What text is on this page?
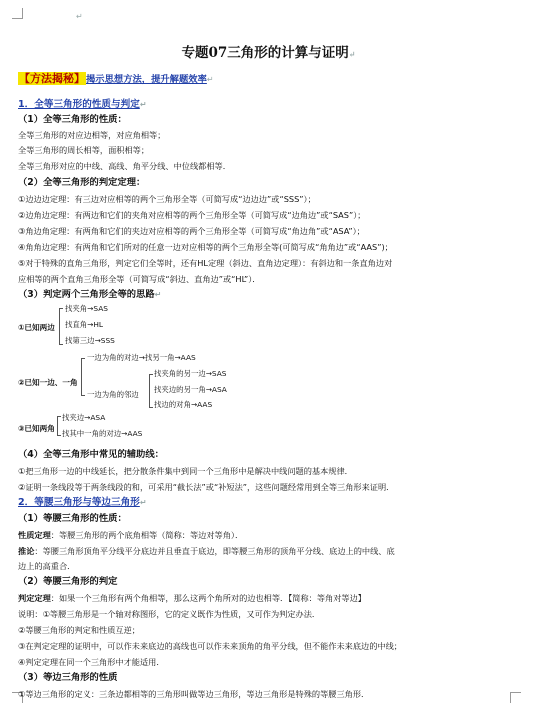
↵
专题07三角形的计算与证明↵
【方法揭秘】揭示思想方法，提升解题效率↵
1．全等三角形的性质与判定↵
（1）全等三角形的性质：
全等三角形的对应边相等，对应角相等；
全等三角形的周长相等，面积相等；
全等三角形对应的中线、高线、角平分线、中位线都相等．
（2）全等三角形的判定定理：
①边边边定理：有三边对应相等的两个三角形全等（可简写成“边边边”或“SSS”）；
②边角边定理：有两边和它们的夹角对应相等的两个三角形全等（可简写成“边角边”或“SAS”）；
③角边角定理：有两角和它们的夹边对应相等的两个三角形全等（可简写成“角边角”或“ASA”）；
④角角边定理：有两角和它们所对的任意一边对应相等的两个三角形全等(可简写成“角角边”或“AAS”)；
⑤对于特殊的直角三角形，判定它们全等时，还有HL定理（斜边、直角边定理）：有斜边和一条直角边对
应相等的两个直角三角形全等（可简写成“斜边、直角边”或“HL”）．
（3）判定两个三角形全等的思路↵
①已知两边
找夹角→SAS
找直角→HL
找第三边→SSS
②已知一边、一角
一边为角的对边→找另一角→AAS
一边为角的邻边
找夹角的另一边→SAS
找夹边的另一角→ASA
找边的对角→AAS
③已知两角
找夹边→ASA
找其中一角的对边→AAS
（4）全等三角形中常见的辅助线：
①把三角形一边的中线延长，把分散条件集中到同一个三角形中是解决中线问题的基本规律．
②证明一条线段等于两条线段的和，可采用“截长法”或“补短法”，这些问题经常用到全等三角形来证明．
2．等腰三角形与等边三角形↵
（1）等腰三角形的性质：
性质定理：等腰三角形的两个底角相等（简称：等边对等角）．
推论：等腰三角形顶角平分线平分底边并且垂直于底边，即等腰三角形的顶角平分线、底边上的中线、底
边上的高重合．
（2）等腰三角形的判定
判定定理：如果一个三角形有两个角相等，那么这两个角所对的边也相等．【简称：等角对等边】
说明：①等腰三角形是一个轴对称图形，它的定义既作为性质，又可作为判定办法．
②等腰三角形的判定和性质互逆；
③在判定定理的证明中，可以作未来底边的高线也可以作未来顶角的角平分线，但不能作未来底边的中线；
④判定定理在同一个三角形中才能适用．
（3）等边三角形的性质
①等边三角形的定义：三条边都相等的三角形叫做等边三角形，等边三角形是特殊的等腰三角形．
